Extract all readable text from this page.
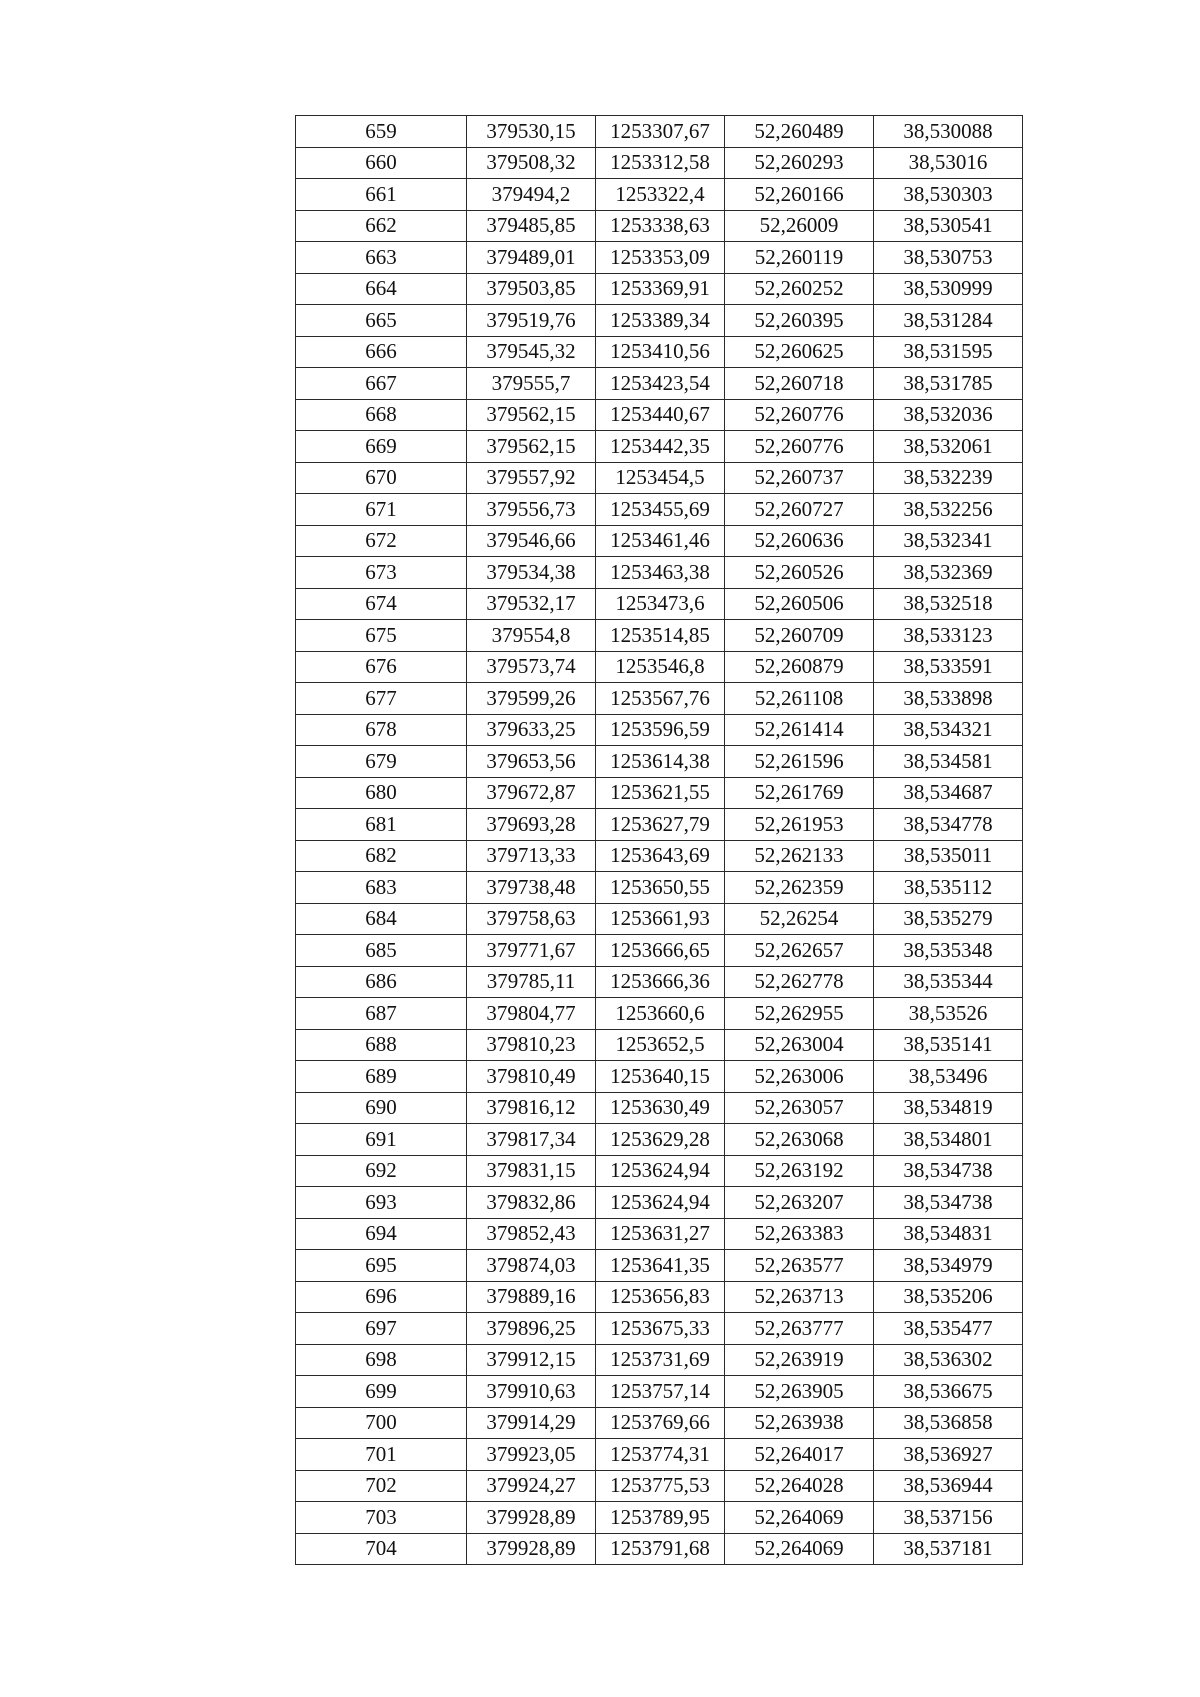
659	379530,15	1253307,67	52,260489	38,530088
660	379508,32	1253312,58	52,260293	38,53016
661	379494,2	1253322,4	52,260166	38,530303
662	379485,85	1253338,63	52,26009	38,530541
663	379489,01	1253353,09	52,260119	38,530753
664	379503,85	1253369,91	52,260252	38,530999
665	379519,76	1253389,34	52,260395	38,531284
666	379545,32	1253410,56	52,260625	38,531595
667	379555,7	1253423,54	52,260718	38,531785
668	379562,15	1253440,67	52,260776	38,532036
669	379562,15	1253442,35	52,260776	38,532061
670	379557,92	1253454,5	52,260737	38,532239
671	379556,73	1253455,69	52,260727	38,532256
672	379546,66	1253461,46	52,260636	38,532341
673	379534,38	1253463,38	52,260526	38,532369
674	379532,17	1253473,6	52,260506	38,532518
675	379554,8	1253514,85	52,260709	38,533123
676	379573,74	1253546,8	52,260879	38,533591
677	379599,26	1253567,76	52,261108	38,533898
678	379633,25	1253596,59	52,261414	38,534321
679	379653,56	1253614,38	52,261596	38,534581
680	379672,87	1253621,55	52,261769	38,534687
681	379693,28	1253627,79	52,261953	38,534778
682	379713,33	1253643,69	52,262133	38,535011
683	379738,48	1253650,55	52,262359	38,535112
684	379758,63	1253661,93	52,26254	38,535279
685	379771,67	1253666,65	52,262657	38,535348
686	379785,11	1253666,36	52,262778	38,535344
687	379804,77	1253660,6	52,262955	38,53526
688	379810,23	1253652,5	52,263004	38,535141
689	379810,49	1253640,15	52,263006	38,53496
690	379816,12	1253630,49	52,263057	38,534819
691	379817,34	1253629,28	52,263068	38,534801
692	379831,15	1253624,94	52,263192	38,534738
693	379832,86	1253624,94	52,263207	38,534738
694	379852,43	1253631,27	52,263383	38,534831
695	379874,03	1253641,35	52,263577	38,534979
696	379889,16	1253656,83	52,263713	38,535206
697	379896,25	1253675,33	52,263777	38,535477
698	379912,15	1253731,69	52,263919	38,536302
699	379910,63	1253757,14	52,263905	38,536675
700	379914,29	1253769,66	52,263938	38,536858
701	379923,05	1253774,31	52,264017	38,536927
702	379924,27	1253775,53	52,264028	38,536944
703	379928,89	1253789,95	52,264069	38,537156
704	379928,89	1253791,68	52,264069	38,537181
